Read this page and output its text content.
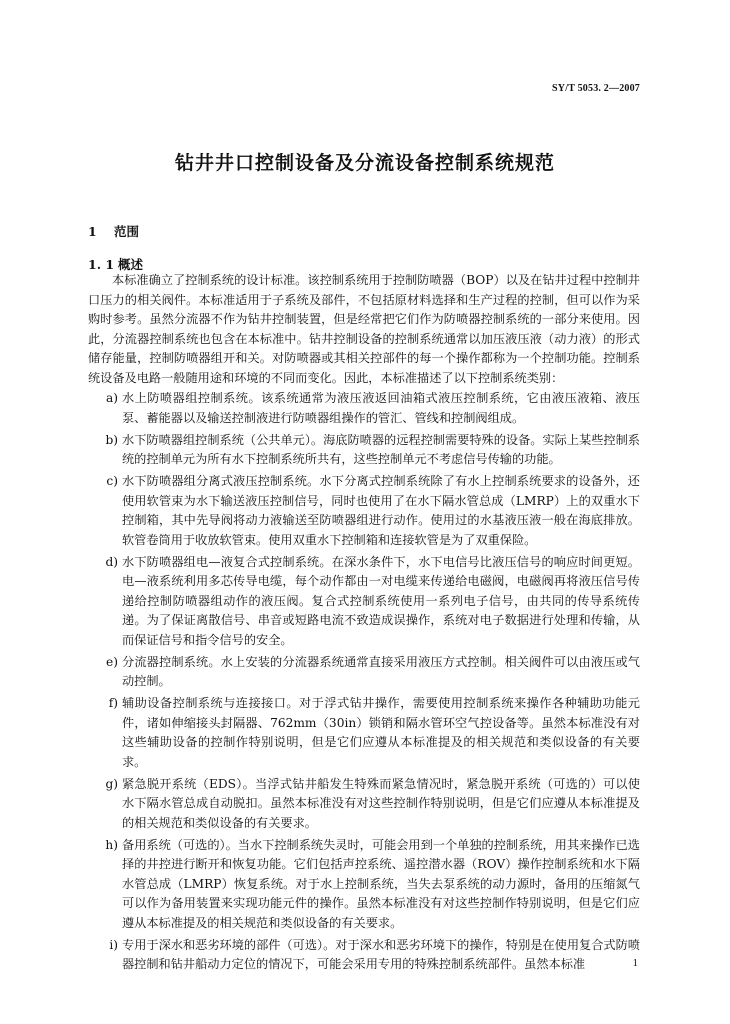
SY/T 5053. 2—2007
钻井井口控制设备及分流设备控制系统规范
1 范围
1. 1 概述

本标准确立了控制系统的设计标准。该控制系统用于控制防喷器（BOP）以及在钻井过程中控制井口压力的相关阀件。本标准适用于子系统及部件，不包括原材料选择和生产过程的控制，但可以作为采购时参考。虽然分流器不作为钻井控制装置，但是经常把它们作为防喷器控制系统的一部分来使用。因此，分流器控制系统也包含在本标准中。钻井控制设备的控制系统通常以加压液压液（动力液）的形式储存能量，控制防喷器组开和关。对防喷器或其相关控部件的每一个操作都称为一个控制功能。控制系统设备及电路一般随用途和环境的不同而变化。因此，本标准描述了以下控制系统类别：

a) 水上防喷器组控制系统。该系统通常为液压液返回油箱式液压控制系统，它由液压液箱、液压泵、蓄能器以及输送控制液进行防喷器组操作的管汇、管线和控制阀组成。
b) 水下防喷器组控制系统（公共单元）。海底防喷器的远程控制需要特殊的设备。实际上某些控制系统的控制单元为所有水下控制系统所共有，这些控制单元不考虑信号传输的功能。
c) 水下防喷器组分离式液压控制系统。水下分离式控制系统除了有水上控制系统要求的设备外，还使用软管束为水下输送液压控制信号，同时也使用了在水下隔水管总成（LMRP）上的双重水下控制箱，其中先导阀将动力液输送至防喷器组进行动作。使用过的水基液压液一般在海底排放。软管卷筒用于收放软管束。使用双重水下控制箱和连接软管是为了双重保险。
d) 水下防喷器组电—液复合式控制系统。在深水条件下，水下电信号比液压信号的响应时间更短。电—液系统利用多芯传导电缆，每个动作都由一对电缆来传递给电磁阀，电磁阀再将液压信号传递给控制防喷器组动作的液压阀。复合式控制系统使用一系列电子信号，由共同的传导系统传递。为了保证离散信号、串音或短路电流不致造成误操作，系统对电子数据进行处理和传输，从而保证信号和指令信号的安全。
e) 分流器控制系统。水上安装的分流器系统通常直接采用液压方式控制。相关阀件可以由液压或气动控制。
f) 辅助设备控制系统与连接接口。对于浮式钻井操作，需要使用控制系统来操作各种辅助功能元件，诸如伸缩接头封隔器、762mm（30in）锁销和隔水管环空气控设备等。虽然本标准没有对这些辅助设备的控制作特别说明，但是它们应遵从本标准提及的相关规范和类似设备的有关要求。
g) 紧急脱开系统（EDS）。当浮式钻井船发生特殊而紧急情况时，紧急脱开系统（可选的）可以使水下隔水管总成自动脱扣。虽然本标准没有对这些控制作特别说明，但是它们应遵从本标准提及的相关规范和类似设备的有关要求。
h) 备用系统（可选的）。当水下控制系统失灵时，可能会用到一个单独的控制系统，用其来操作已选择的井控进行断开和恢复功能。它们包括声控系统、遥控潜水器（ROV）操作控制系统和水下隔水管总成（LMRP）恢复系统。对于水上控制系统，当失去泵系统的动力源时，备用的压缩氮气可以作为备用装置来实现功能元件的操作。虽然本标准没有对这些控制作特别说明，但是它们应遵从本标准提及的相关规范和类似设备的有关要求。
i) 专用于深水和恶劣环境的部件（可选）。对于深水和恶劣环境下的操作，特别是在使用复合式防喷器控制和钻井船动力定位的情况下，可能会采用专用的特殊控制系统部件。虽然本标准	1
